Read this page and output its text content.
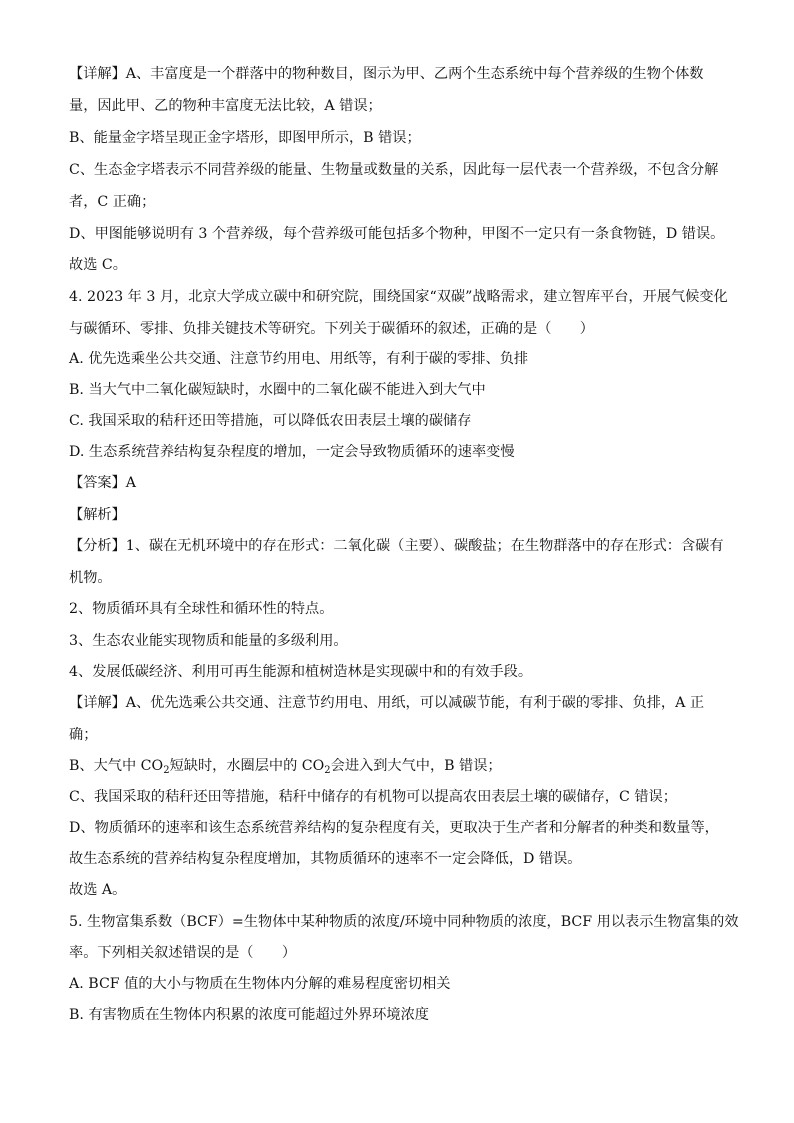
【详解】A、丰富度是一个群落中的物种数目，图示为甲、乙两个生态系统中每个营养级的生物个体数
量，因此甲、乙的物种丰富度无法比较，A 错误；
B、能量金字塔呈现正金字塔形，即图甲所示，B 错误；
C、生态金字塔表示不同营养级的能量、生物量或数量的关系，因此每一层代表一个营养级，不包含分解
者，C 正确；
D、甲图能够说明有 3 个营养级，每个营养级可能包括多个物种，甲图不一定只有一条食物链，D 错误。
故选 C。
4. 2023 年 3 月，北京大学成立碳中和研究院，围绕国家“双碳”战略需求，建立智库平台，开展气候变化
与碳循环、零排、负排关键技术等研究。下列关于碳循环的叙述，正确的是（　　）
A. 优先选乘坐公共交通、注意节约用电、用纸等，有利于碳的零排、负排
B. 当大气中二氧化碳短缺时，水圈中的二氧化碳不能进入到大气中
C. 我国采取的秸秆还田等措施，可以降低农田表层土壤的碳储存
D. 生态系统营养结构复杂程度的增加，一定会导致物质循环的速率变慢
【答案】A
【解析】
【分析】1、碳在无机环境中的存在形式：二氧化碳（主要）、碳酸盐；在生物群落中的存在形式：含碳有
机物。
2、物质循环具有全球性和循环性的特点。
3、生态农业能实现物质和能量的多级利用。
4、发展低碳经济、利用可再生能源和植树造林是实现碳中和的有效手段。
【详解】A、优先选乘公共交通、注意节约用电、用纸，可以减碳节能，有利于碳的零排、负排，A 正
确；
B、大气中 $CO_2$短缺时，水圈层中的 $CO_2$会进入到大气中，B 错误；
C、我国采取的秸秆还田等措施，秸秆中储存的有机物可以提高农田表层土壤的碳储存，C 错误；
D、物质循环的速率和该生态系统营养结构的复杂程度有关，更取决于生产者和分解者的种类和数量等，
故生态系统的营养结构复杂程度增加，其物质循环的速率不一定会降低，D 错误。
故选 A。
5. 生物富集系数（BCF）=生物体中某种物质的浓度/环境中同种物质的浓度，BCF 用以表示生物富集的效
率。下列相关叙述错误的是（　　）
A. BCF 值的大小与物质在生物体内分解的难易程度密切相关
B. 有害物质在生物体内积累的浓度可能超过外界环境浓度
